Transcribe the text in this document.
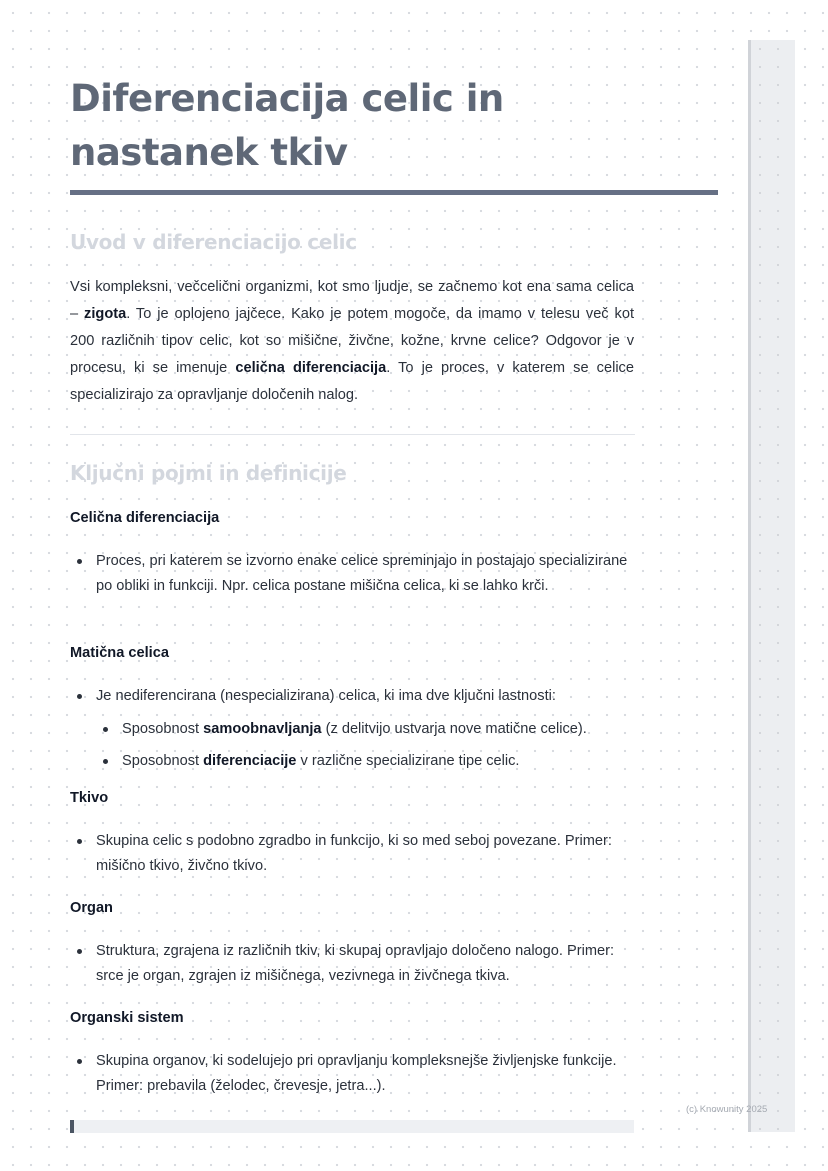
Diferenciacija celic in nastanek tkiv
Uvod v diferenciacijo celic

Vsi kompleksni, večcelični organizmi, kot smo ljudje, se začnemo kot ena sama celica – zigota. To je oplojeno jajčece. Kako je potem mogoče, da imamo v telesu več kot 200 različnih tipov celic, kot so mišične, živčne, kožne, krvne celice? Odgovor je v procesu, ki se imenuje celična diferenciacija. To je proces, v katerem se celice specializirajo za opravljanje določenih nalog.

Ključni pojmi in definicije

Celična diferenciacija

Proces, pri katerem se izvorno enake celice spreminjajo in postajajo specializirane po obliki in funkciji. Npr. celica postane mišična celica, ki se lahko krči.

Matična celica

Je nediferencirana (nespecializirana) celica, ki ima dve ključni lastnosti:
Sposobnost samoobnavljanja (z delitvijo ustvarja nove matične celice).
Sposobnost diferenciacije v različne specializirane tipe celic.

Tkivo

Skupina celic s podobno zgradbo in funkcijo, ki so med seboj povezane. Primer: mišično tkivo, živčno tkivo.

Organ

Struktura, zgrajena iz različnih tkiv, ki skupaj opravljajo določeno nalogo. Primer: srce je organ, zgrajen iz mišičnega, vezivnega in živčnega tkiva.

Organski sistem

Skupina organov, ki sodelujejo pri opravljanju kompleksnejše življenjske funkcije. Primer: prebavila (želodec, črevesje, jetra...).
(c) Knowunity 2025
